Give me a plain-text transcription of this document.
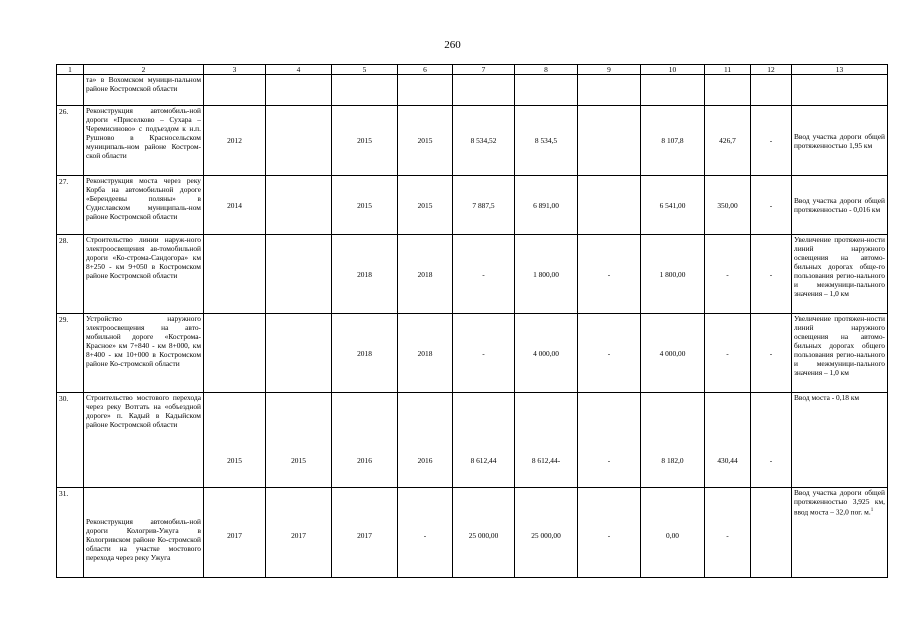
260
1	2	3	4	5	6	7	8	9	10	11	12	13
	та» в Вохомском муници-пальном районе Костромской области											
26.	Реконструкция автомобиль-ной дороги «Приселково – Сухара – Черемисиново» с подъездом к н.п. Рушново в Красносельском муниципаль-ном районе Костром-ской области	2012		2015	2015	8 534,52	8 534,5		8 107,8	426,7	-	Ввод участка дороги общей протяженностью 1,95 км
27.	Реконструкция моста через реку Корба на автомобильной дороге «Берендеевы поляны» в Судиславском муниципаль-ном районе Костромской области	2014		2015	2015	7 887,5	6 891,00		6 541,00	350,00	-	Ввод участка дороги общей протяженностью - 0,016 км
28.	Строительство линии наруж-ного электроосвещения ав-томобильной дороги «Ко-строма-Сандогора» км 8+250 - км 9+050 в Костромском районе Костромской области			2018	2018	-	1 800,00	-	1 800,00	-	-	Увеличение протяжен-ности линий наружного освещения на автомо-бильных дорогах обще-го пользования регио-нального и межмуници-пального значения – 1,0 км
29.	Устройство наружного электроосвещения на авто-мобильной дороге «Кострома-Красное» км 7+840 - км 8+000, км 8+400 - км 10+000 в Костромском районе Ко-стромской области			2018	2018	-	4 000,00	-	4 000,00	-	-	Увеличение протяжен-ности линий наружного освещения на автомо-бильных дорогах общего пользования регио-нального и межмуници-пального значения – 1,0 км
30.	Строительство мостового перехода через реку Вотгать на «объездной дороге» п. Кадый в Кадыйском районе Костромской области	2015	2015	2016	2016	8 612,44	8 612,44-	-	8 182,0	430,44	-	Ввод моста - 0,18 км
31.	Реконструкция автомобиль-ной дороги Кологрив-Ужуга в Кологривском районе Ко-стромской области на участке мостового перехода через реку Ужуга	2017	2017	2017	-	25 000,00	25 000,00	-	0,00	-		Ввод участка дороги общей протяженностью 3,925 км, ввод моста – 32,0 пог. м.$^1$
